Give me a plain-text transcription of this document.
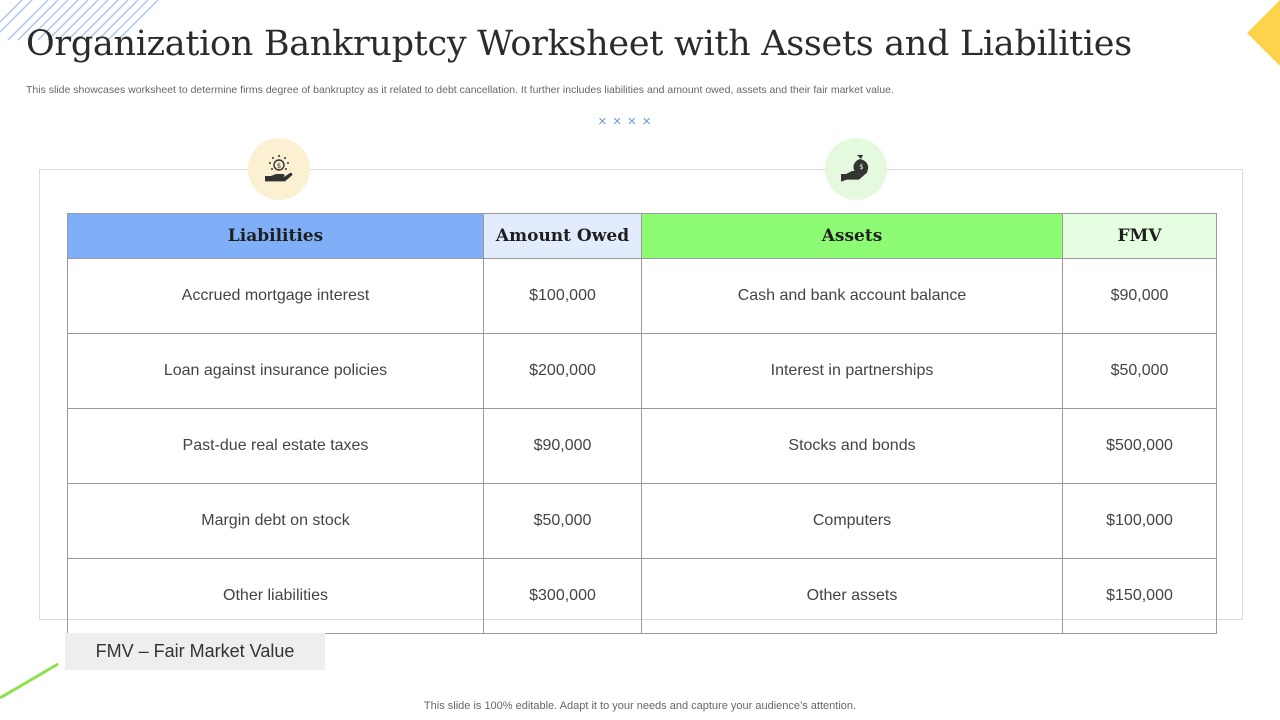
Organization Bankruptcy Worksheet with Assets and Liabilities
This slide showcases worksheet to determine firms degree of bankruptcy as it related to debt cancellation. It further includes liabilities and amount owed, assets and their fair market value.
××××
$	$
Liabilities	Amount Owed	Assets	FMV
Accrued mortgage interest	$100,000	Cash and bank account balance	$90,000
Loan against insurance policies	$200,000	Interest in partnerships	$50,000
Past-due real estate taxes	$90,000	Stocks and bonds	$500,000
Margin debt on stock	$50,000	Computers	$100,000
Other liabilities	$300,000	Other assets	$150,000
FMV – Fair Market Value
This slide is 100% editable. Adapt it to your needs and capture your audience’s attention.
